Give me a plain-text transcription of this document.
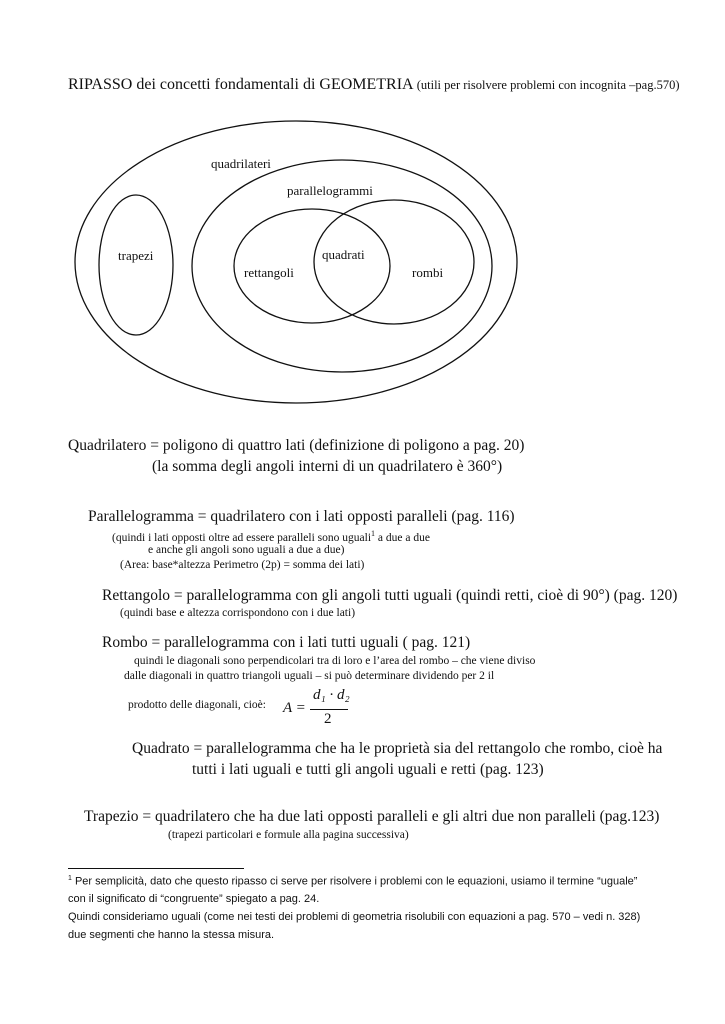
RIPASSO dei concetti fondamentali di GEOMETRIA (utili per risolvere problemi con incognita –pag.570)
quadrilateri
parallelogrammi
trapezi	quadrati
rettangoli	rombi
Quadrilatero = poligono di quattro lati (definizione di poligono a pag. 20)
(la somma degli angoli interni di un quadrilatero è 360°)
Parallelogramma = quadrilatero con i lati opposti paralleli (pag. 116)
(quindi i lati opposti oltre ad essere paralleli sono uguali$^1$ a due a due
e anche gli angoli sono uguali a due a due)
(Area: base*altezza Perimetro (2p) = somma dei lati)
Rettangolo = parallelogramma con gli angoli tutti uguali (quindi retti, cioè di 90°) (pag. 120)
(quindi base e altezza corrispondono con i due lati)
Rombo = parallelogramma con i lati tutti uguali ( pag. 121)
quindi le diagonali sono perpendicolari tra di loro e l’area del rombo – che viene diviso
dalle diagonali in quattro triangoli uguali – si può determinare dividendo per 2 il
prodotto delle diagonali, cioè: A =
d₁ · d₂
2
Quadrato = parallelogramma che ha le proprietà sia del rettangolo che rombo, cioè ha
tutti i lati uguali e tutti gli angoli uguali e retti (pag. 123)
Trapezio = quadrilatero che ha due lati opposti paralleli e gli altri due non paralleli (pag.123)
(trapezi particolari e formule alla pagina successiva)
$^1$ Per semplicità, dato che questo ripasso ci serve per risolvere i problemi con le equazioni, usiamo il termine “uguale”
con il significato di “congruente” spiegato a pag. 24.
Quindi consideriamo uguali (come nei testi dei problemi di geometria risolubili con equazioni a pag. 570 – vedi n. 328)
due segmenti che hanno la stessa misura.
